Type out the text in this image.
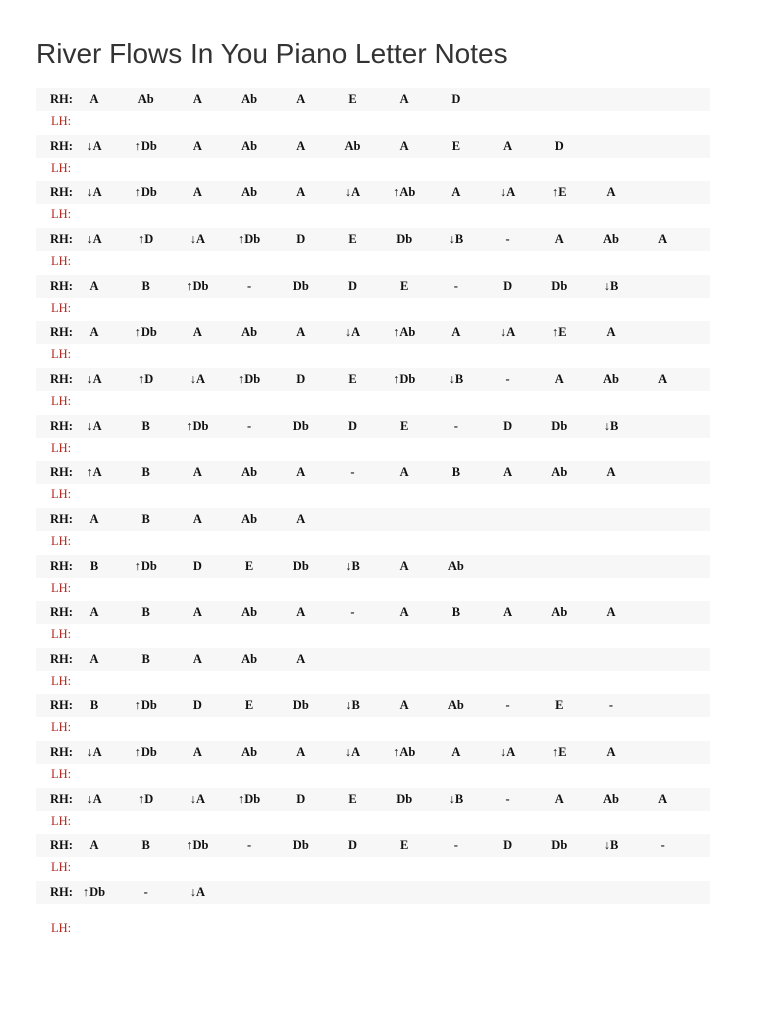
River Flows In You Piano Letter Notes
RH:	A	Ab	A	Ab	A	E	A	D
LH:
RH:	↓A	↑Db	A	Ab	A	Ab	A	E	A	D
LH:
RH:	↓A	↑Db	A	Ab	A	↓A	↑Ab	A	↓A	↑E	A
LH:
RH:	↓A	↑D	↓A	↑Db	D	E	Db	↓B	-	A	Ab	A
LH:
RH:	A	B	↑Db	-	Db	D	E	-	D	Db	↓B
LH:
RH:	A	↑Db	A	Ab	A	↓A	↑Ab	A	↓A	↑E	A
LH:
RH:	↓A	↑D	↓A	↑Db	D	E	↑Db	↓B	-	A	Ab	A
LH:
RH:	↓A	B	↑Db	-	Db	D	E	-	D	Db	↓B
LH:
RH:	↑A	B	A	Ab	A	-	A	B	A	Ab	A
LH:
RH:	A	B	A	Ab	A
LH:
RH:	B	↑Db	D	E	Db	↓B	A	Ab
LH:
RH:	A	B	A	Ab	A	-	A	B	A	Ab	A
LH:
RH:	A	B	A	Ab	A
LH:
RH:	B	↑Db	D	E	Db	↓B	A	Ab	-	E	-
LH:
RH:	↓A	↑Db	A	Ab	A	↓A	↑Ab	A	↓A	↑E	A
LH:
RH:	↓A	↑D	↓A	↑Db	D	E	Db	↓B	-	A	Ab	A
LH:
RH:	A	B	↑Db	-	Db	D	E	-	D	Db	↓B	-
LH:
RH: ↑Db	-	↓A
LH:
